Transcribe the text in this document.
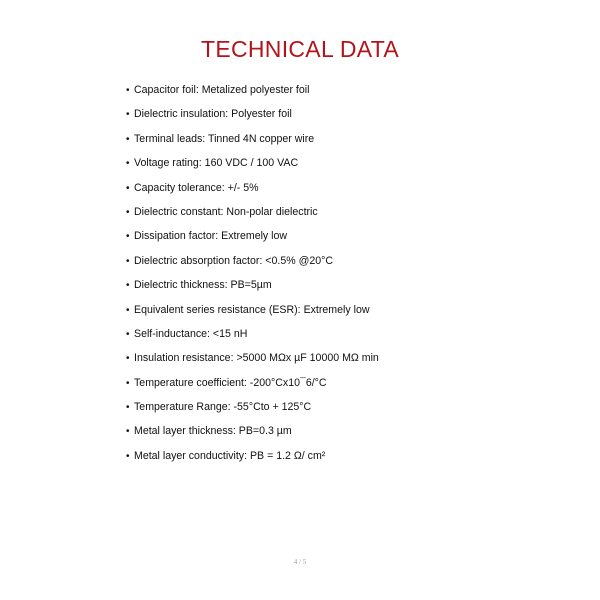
TECHNICAL DATA
• Capacitor foil: Metalized polyester foil
• Dielectric insulation: Polyester foil
• Terminal leads: Tinned 4N copper wire
• Voltage rating: 160 VDC / 100 VAC
• Capacity tolerance: +/- 5%
• Dielectric constant: Non-polar dielectric
• Dissipation factor: Extremely low
• Dielectric absorption factor: <0.5% @20°C
• Dielectric thickness: PB=5µm
• Equivalent series resistance (ESR): Extremely low
• Self-inductance: <15 nH
• Insulation resistance: >5000 MΩx µF 10000 MΩ min
• Temperature coefficient: -200°Cx10¯6/°C
• Temperature Range: -55°Cto + 125°C
• Metal layer thickness: PB=0.3 µm
• Metal layer conductivity: PB = 1.2 Ω/ cm²
4 / 5
